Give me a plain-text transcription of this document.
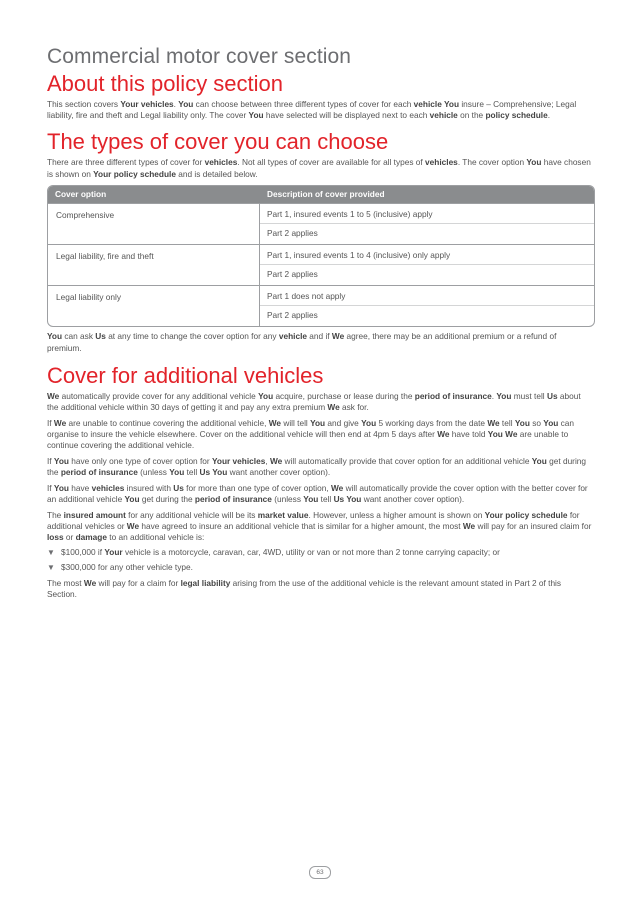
Commercial motor cover section
About this policy section

This section covers Your vehicles. You can choose between three different types of cover for each vehicle You insure – Comprehensive; Legal liability, fire and theft and Legal liability only. The cover You have selected will be displayed next to each vehicle on the policy schedule.

The types of cover you can choose

There are three different types of cover for vehicles. Not all types of cover are available for all types of vehicles. The cover option You have chosen is shown on Your policy schedule and is detailed below.

Cover option	Description of cover provided
Comprehensive	Part 1, insured events 1 to 5 (inclusive) apply
Part 2 applies
Legal liability, fire and theft	Part 1, insured events 1 to 4 (inclusive) only apply
Part 2 applies
Legal liability only	Part 1 does not apply
Part 2 applies

You can ask Us at any time to change the cover option for any vehicle and if We agree, there may be an additional premium or a refund of premium.

Cover for additional vehicles

We automatically provide cover for any additional vehicle You acquire, purchase or lease during the period of insurance. You must tell Us about the additional vehicle within 30 days of getting it and pay any extra premium We ask for.

If We are unable to continue covering the additional vehicle, We will tell You and give You 5 working days from the date We tell You so You can organise to insure the vehicle elsewhere. Cover on the additional vehicle will then end at 4pm 5 days after We have told You We are unable to continue covering the additional vehicle.

If You have only one type of cover option for Your vehicles, We will automatically provide that cover option for an additional vehicle You get during the period of insurance (unless You tell Us You want another cover option).

If You have vehicles insured with Us for more than one type of cover option, We will automatically provide the cover option with the better cover for an additional vehicle You get during the period of insurance (unless You tell Us You want another cover option).

The insured amount for any additional vehicle will be its market value. However, unless a higher amount is shown on Your policy schedule for additional vehicles or We have agreed to insure an additional vehicle that is similar for a higher amount, the most We will pay for an insured claim for loss or damage to an additional vehicle is:

▼ $100,000 if Your vehicle is a motorcycle, caravan, car, 4WD, utility or van or not more than 2 tonne carrying capacity; or
▼ $300,000 for any other vehicle type.

The most We will pay for a claim for legal liability arising from the use of the additional vehicle is the relevant amount stated in Part 2 of this Section.

63
